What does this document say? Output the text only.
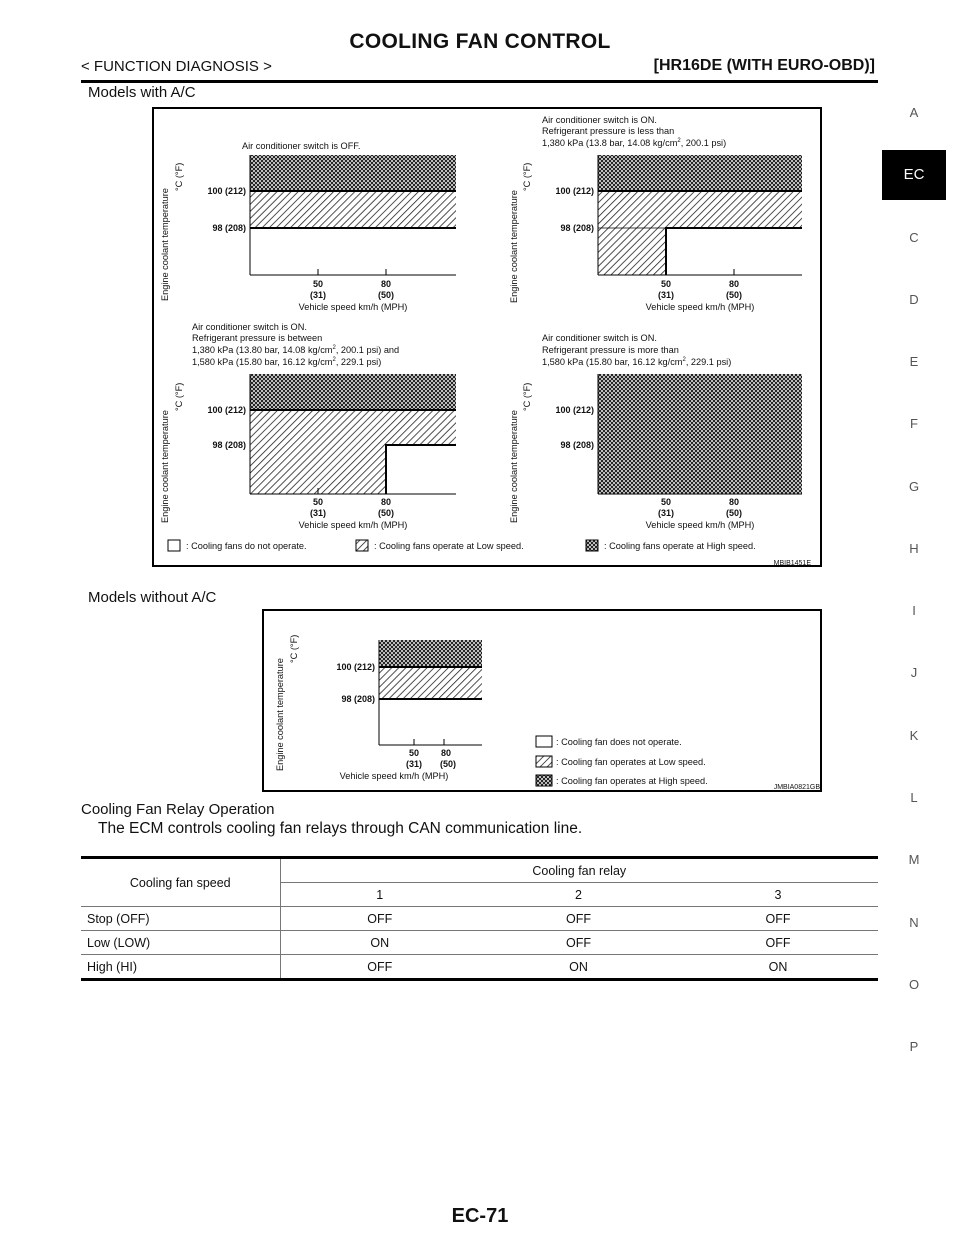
COOLING FAN CONTROL
< FUNCTION DIAGNOSIS >	[HR16DE (WITH EURO-OBD)]
Models with A/C
Air conditioner switch is OFF.
100 (212)
98 (208)
50
(31)
80
(50)
Vehicle speed km/h (MPH)
Engine coolant temperature
°C (°F)
Air conditioner switch is ON.
Refrigerant pressure is less than
1,380 kPa (13.8 bar, 14.08 $kg/cm^2$, 200.1 psi)
100 (212)
98 (208)
50
(31)
80
(50)
Vehicle speed km/h (MPH)
Engine coolant temperature
°C (°F)
Air conditioner switch is ON.
Refrigerant pressure is between
1,380 kPa (13.80 bar, 14.08 $kg/cm^2$, 200.1 psi) and
1,580 kPa (15.80 bar, 16.12 $kg/cm^2$, 229.1 psi)
100 (212)
98 (208)
50
(31)
80
(50)
Vehicle speed km/h (MPH)
Engine coolant temperature
°C (°F)
Air conditioner switch is ON.
Refrigerant pressure is more than
1,580 kPa (15.80 bar, 16.12 $kg/cm^2$, 229.1 psi)
100 (212)
98 (208)
50
(31)
80
(50)
Vehicle speed km/h (MPH)
Engine coolant temperature
°C (°F)
: Cooling fans do not operate.	: Cooling fans operate at Low speed.	: Cooling fans operate at High speed.
MBIB1451E
Models without A/C
100 (212)
98 (208)
50
(31)
80
(50)
Vehicle speed km/h (MPH)
Engine coolant temperature
°C (°F)
: Cooling fan does not operate.
: Cooling fan operates at Low speed.
: Cooling fan operates at High speed.
JMBIA0821GB
Cooling Fan Relay Operation
The ECM controls cooling fan relays through CAN communication line.
Cooling fan speed	Cooling fan relay		
	1	2	3
Stop (OFF)	OFF	OFF	OFF
Low (LOW)	ON	OFF	OFF
High (HI)	OFF	ON	ON
A
EC
C
D
E
F
G
H
I
J
K
L
M
N
O
P
EC-71
